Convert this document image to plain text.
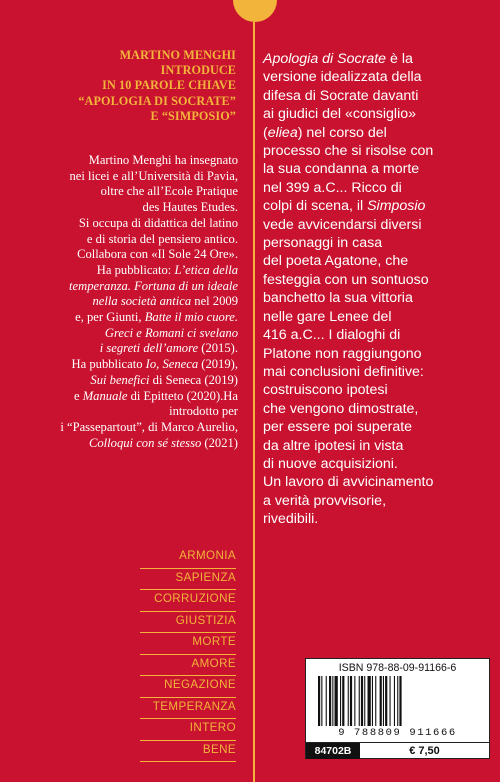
MARTINO MENGHI
INTRODUCE
IN 10 PAROLE CHIAVE
“APOLOGIA DI SOCRATE”
E “SIMPOSIO”
Martino Menghi ha insegnato
nei licei e all’Università di Pavia,
oltre che all’Ecole Pratique
des Hautes Etudes.
Si occupa di didattica del latino
e di storia del pensiero antico.
Collabora con «Il Sole 24 Ore».
Ha pubblicato: L’etica della
temperanza. Fortuna di un ideale
nella società antica nel 2009
e, per Giunti, Batte il mio cuore.
Greci e Romani ci svelano
i segreti dell’amore (2015).
Ha pubblicato Io, Seneca (2019),
Sui benefici di Seneca (2019)
e Manuale di Epitteto (2020).Ha
introdotto per
i “Passepartout”, di Marco Aurelio,
Colloqui con sé stesso (2021)
ARMONIA
SAPIENZA
CORRUZIONE
GIUSTIZIA
MORTE
AMORE
NEGAZIONE
TEMPERANZA
INTERO
BENE
Apologia di Socrate è la
versione idealizzata della
difesa di Socrate davanti
ai giudici del «consiglio»
(eliea) nel corso del
processo che si risolse con
la sua condanna a morte
nel 399 a.C... Ricco di
colpi di scena, il Simposio
vede avvicendarsi diversi
personaggi in casa
del poeta Agatone, che
festeggia con un sontuoso
banchetto la sua vittoria
nelle gare Lenee del
416 a.C... I dialoghi di
Platone non raggiungono
mai conclusioni definitive:
costruiscono ipotesi
che vengono dimostrate,
per essere poi superate
da altre ipotesi in vista
di nuove acquisizioni.
Un lavoro di avvicinamento
a verità provvisorie,
rivedibili.
ISBN 978-88-09-91166-6
9 788809 911666
84702B	€ 7,50
